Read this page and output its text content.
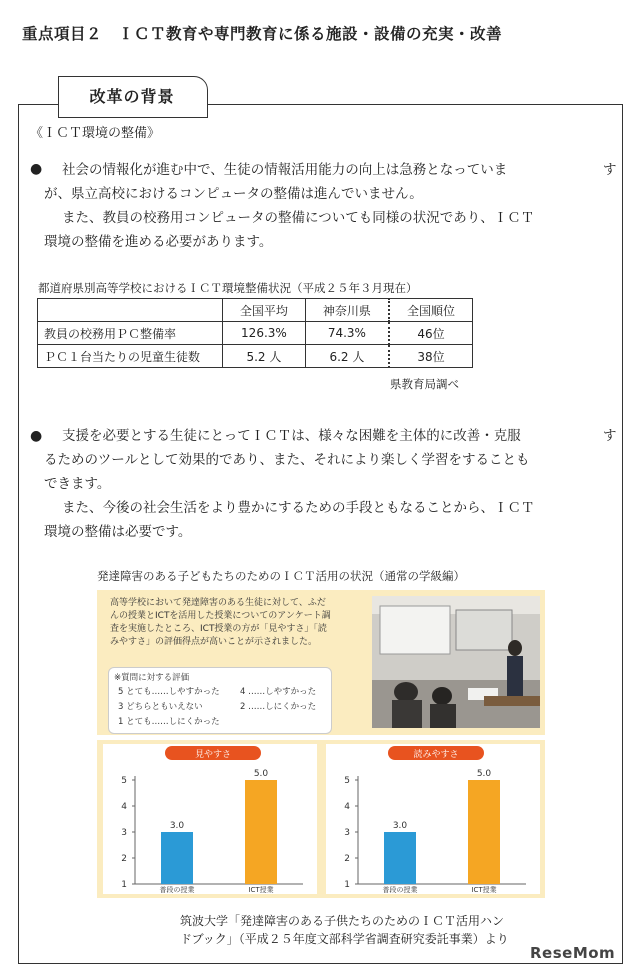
重点項目２　ＩＣＴ教育や専門教育に係る施設・設備の充実・改善
改革の背景
《ＩＣＴ環境の整備》
● 社会の情報化が進む中で、生徒の情報活用能力の向上は急務となっていま	す
が、県立高校におけるコンピュータの整備は進んでいません。
また、教員の校務用コンピュータの整備についても同様の状況であり、ＩＣＴ
環境の整備を進める必要があります。
都道府県別高等学校におけるＩＣＴ環境整備状況（平成２５年３月現在）
	全国平均	神奈川県	全国順位
教員の校務用ＰＣ整備率	126.3%	74.3%	46位
ＰＣ１台当たりの児童生徒数	5.2 人	6.2 人	38位
県教育局調べ
● 支援を必要とする生徒にとってＩＣＴは、様々な困難を主体的に改善・克服	す
るためのツールとして効果的であり、また、それにより楽しく学習をすることも
できます。
また、今後の社会生活をより豊かにするための手段ともなることから、ＩＣＴ
環境の整備は必要です。
発達障害のある子どもたちのためのＩＣＴ活用の状況（通常の学級編）
高等学校において発達障害のある生徒に対して、ふだ
んの授業とICTを活用した授業についてのアンケート調
査を実施したところ、ICT授業の方が「見やすさ」「読
みやすさ」の評価得点が高いことが示されました。
※質問に対する評価
5 とても……しやすかった 4 ……しやすかった
3 どちらともいえない	2 ……しにくかった
1 とても……しにくかった
見やすさ
1
2
3
4
5
3.0
普段の授業
5.0
ICT授業
読みやすさ
1
2
3
4
5
3.0
普段の授業
5.0
ICT授業
筑波大学「発達障害のある子供たちのためのＩＣＴ活用ハン
ドブック」（平成２５年度文部科学省調査研究委託事業）より
ReseMom
